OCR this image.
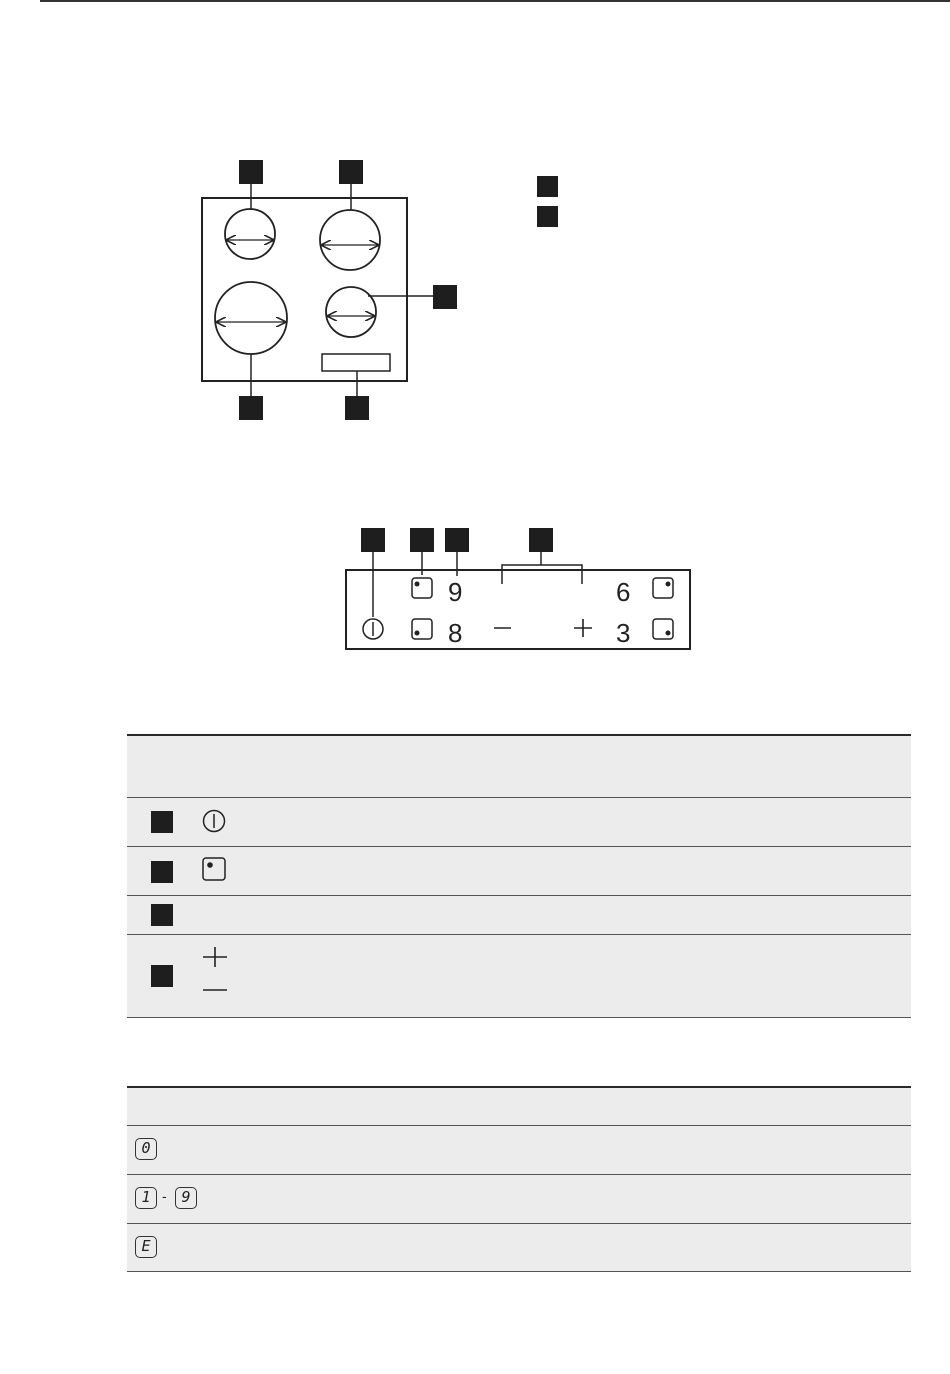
9
8
6
3
0
1 - 9
E
